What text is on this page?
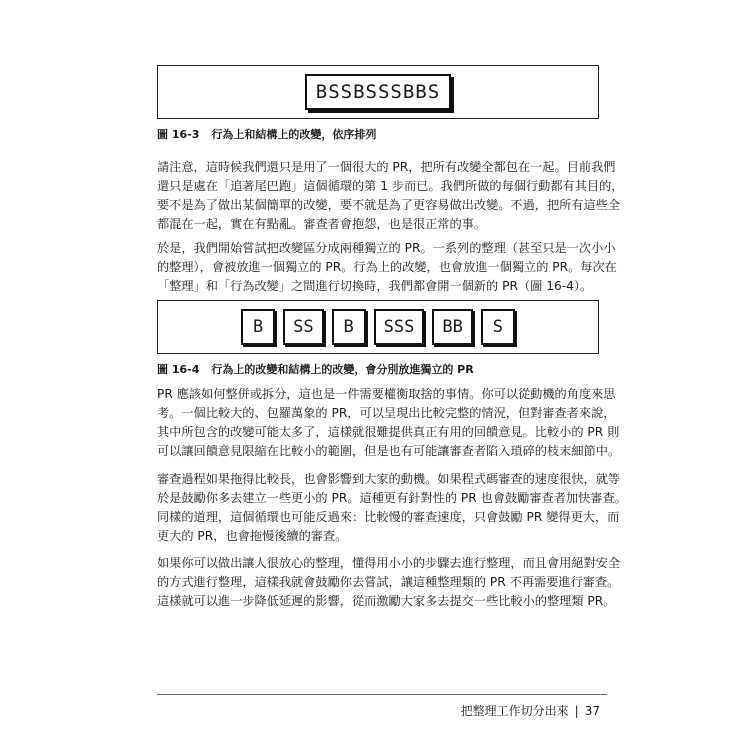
BSSBSSSBBS
圖 16-3 行為上和結構上的改變，依序排列

請注意，這時候我們還只是用了一個很大的 PR，把所有改變全都包在一起。目前我們
還只是處在「追著尾巴跑」這個循環的第 1 步而已。我們所做的每個行動都有其目的，
要不是為了做出某個簡單的改變，要不就是為了更容易做出改變。不過，把所有這些全
都混在一起，實在有點亂。審查者會抱怨，也是很正常的事。

於是，我們開始嘗試把改變區分成兩種獨立的 PR。一系列的整理（甚至只是一次小小
的整理），會被放進一個獨立的 PR。行為上的改變，也會放進一個獨立的 PR。每次在
「整理」和「行為改變」之間進行切換時，我們都會開一個新的 PR（圖 16-4）。

B	SS	B	SSS	BB	S
圖 16-4 行為上的改變和結構上的改變，會分別放進獨立的 PR

PR 應該如何整併或拆分，這也是一件需要權衡取捨的事情。你可以從動機的角度來思
考。一個比較大的、包羅萬象的 PR，可以呈現出比較完整的情況，但對審查者來說，
其中所包含的改變可能太多了，這樣就很難提供真正有用的回饋意見。比較小的 PR 則
可以讓回饋意見限縮在比較小的範圍，但是也有可能讓審查者陷入瑣碎的枝末細節中。

審查過程如果拖得比較長，也會影響到大家的動機。如果程式碼審查的速度很快，就等
於是鼓勵你多去建立一些更小的 PR。這種更有針對性的 PR 也會鼓勵審查者加快審查。
同樣的道理，這個循環也可能反過來：比較慢的審查速度，只會鼓勵 PR 變得更大，而
更大的 PR，也會拖慢後續的審查。

如果你可以做出讓人很放心的整理，懂得用小小的步驟去進行整理，而且會用絕對安全
的方式進行整理，這樣我就會鼓勵你去嘗試，讓這種整理類的 PR 不再需要進行審查。
這樣就可以進一步降低延遲的影響，從而激勵大家多去提交一些比較小的整理類 PR。

把整理工作切分出來 | 37
